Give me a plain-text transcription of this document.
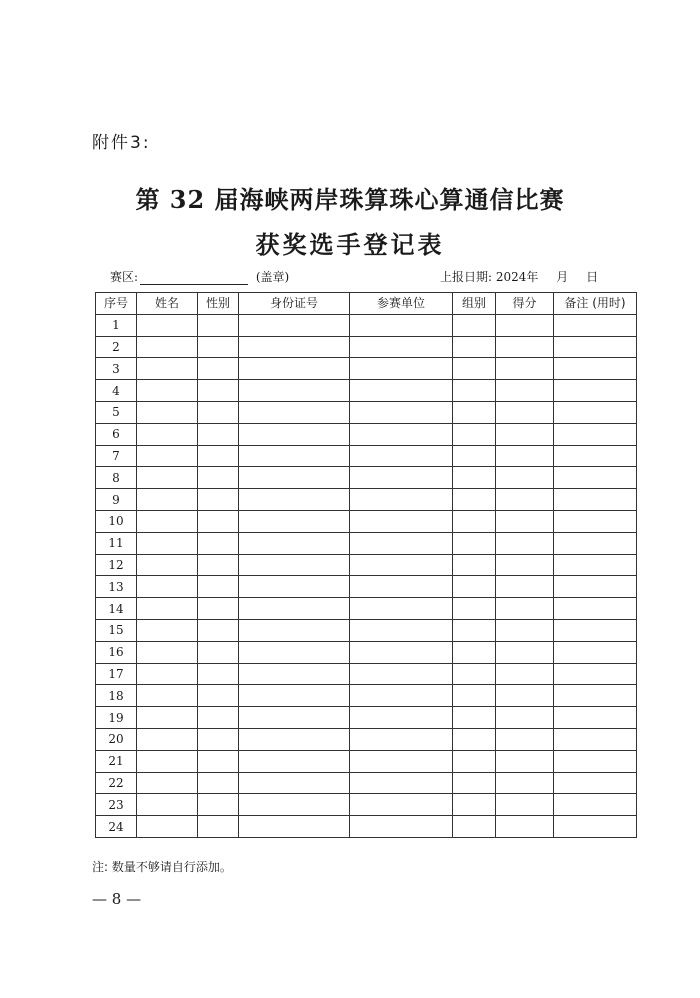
附件3:
第 32 届海峡两岸珠算珠心算通信比赛
获奖选手登记表
赛区:	(盖章)	上报日期: 2024年 月 日
序号	姓名	性别	身份证号	参赛单位	组别	得分	备注 (用时)
1							
2							
3							
4							
5							
6							
7							
8							
9							
10							
11							
12							
13							
14							
15							
16							
17							
18							
19							
20							
21							
22							
23							
24							
注: 数量不够请自行添加。
— 8 —
